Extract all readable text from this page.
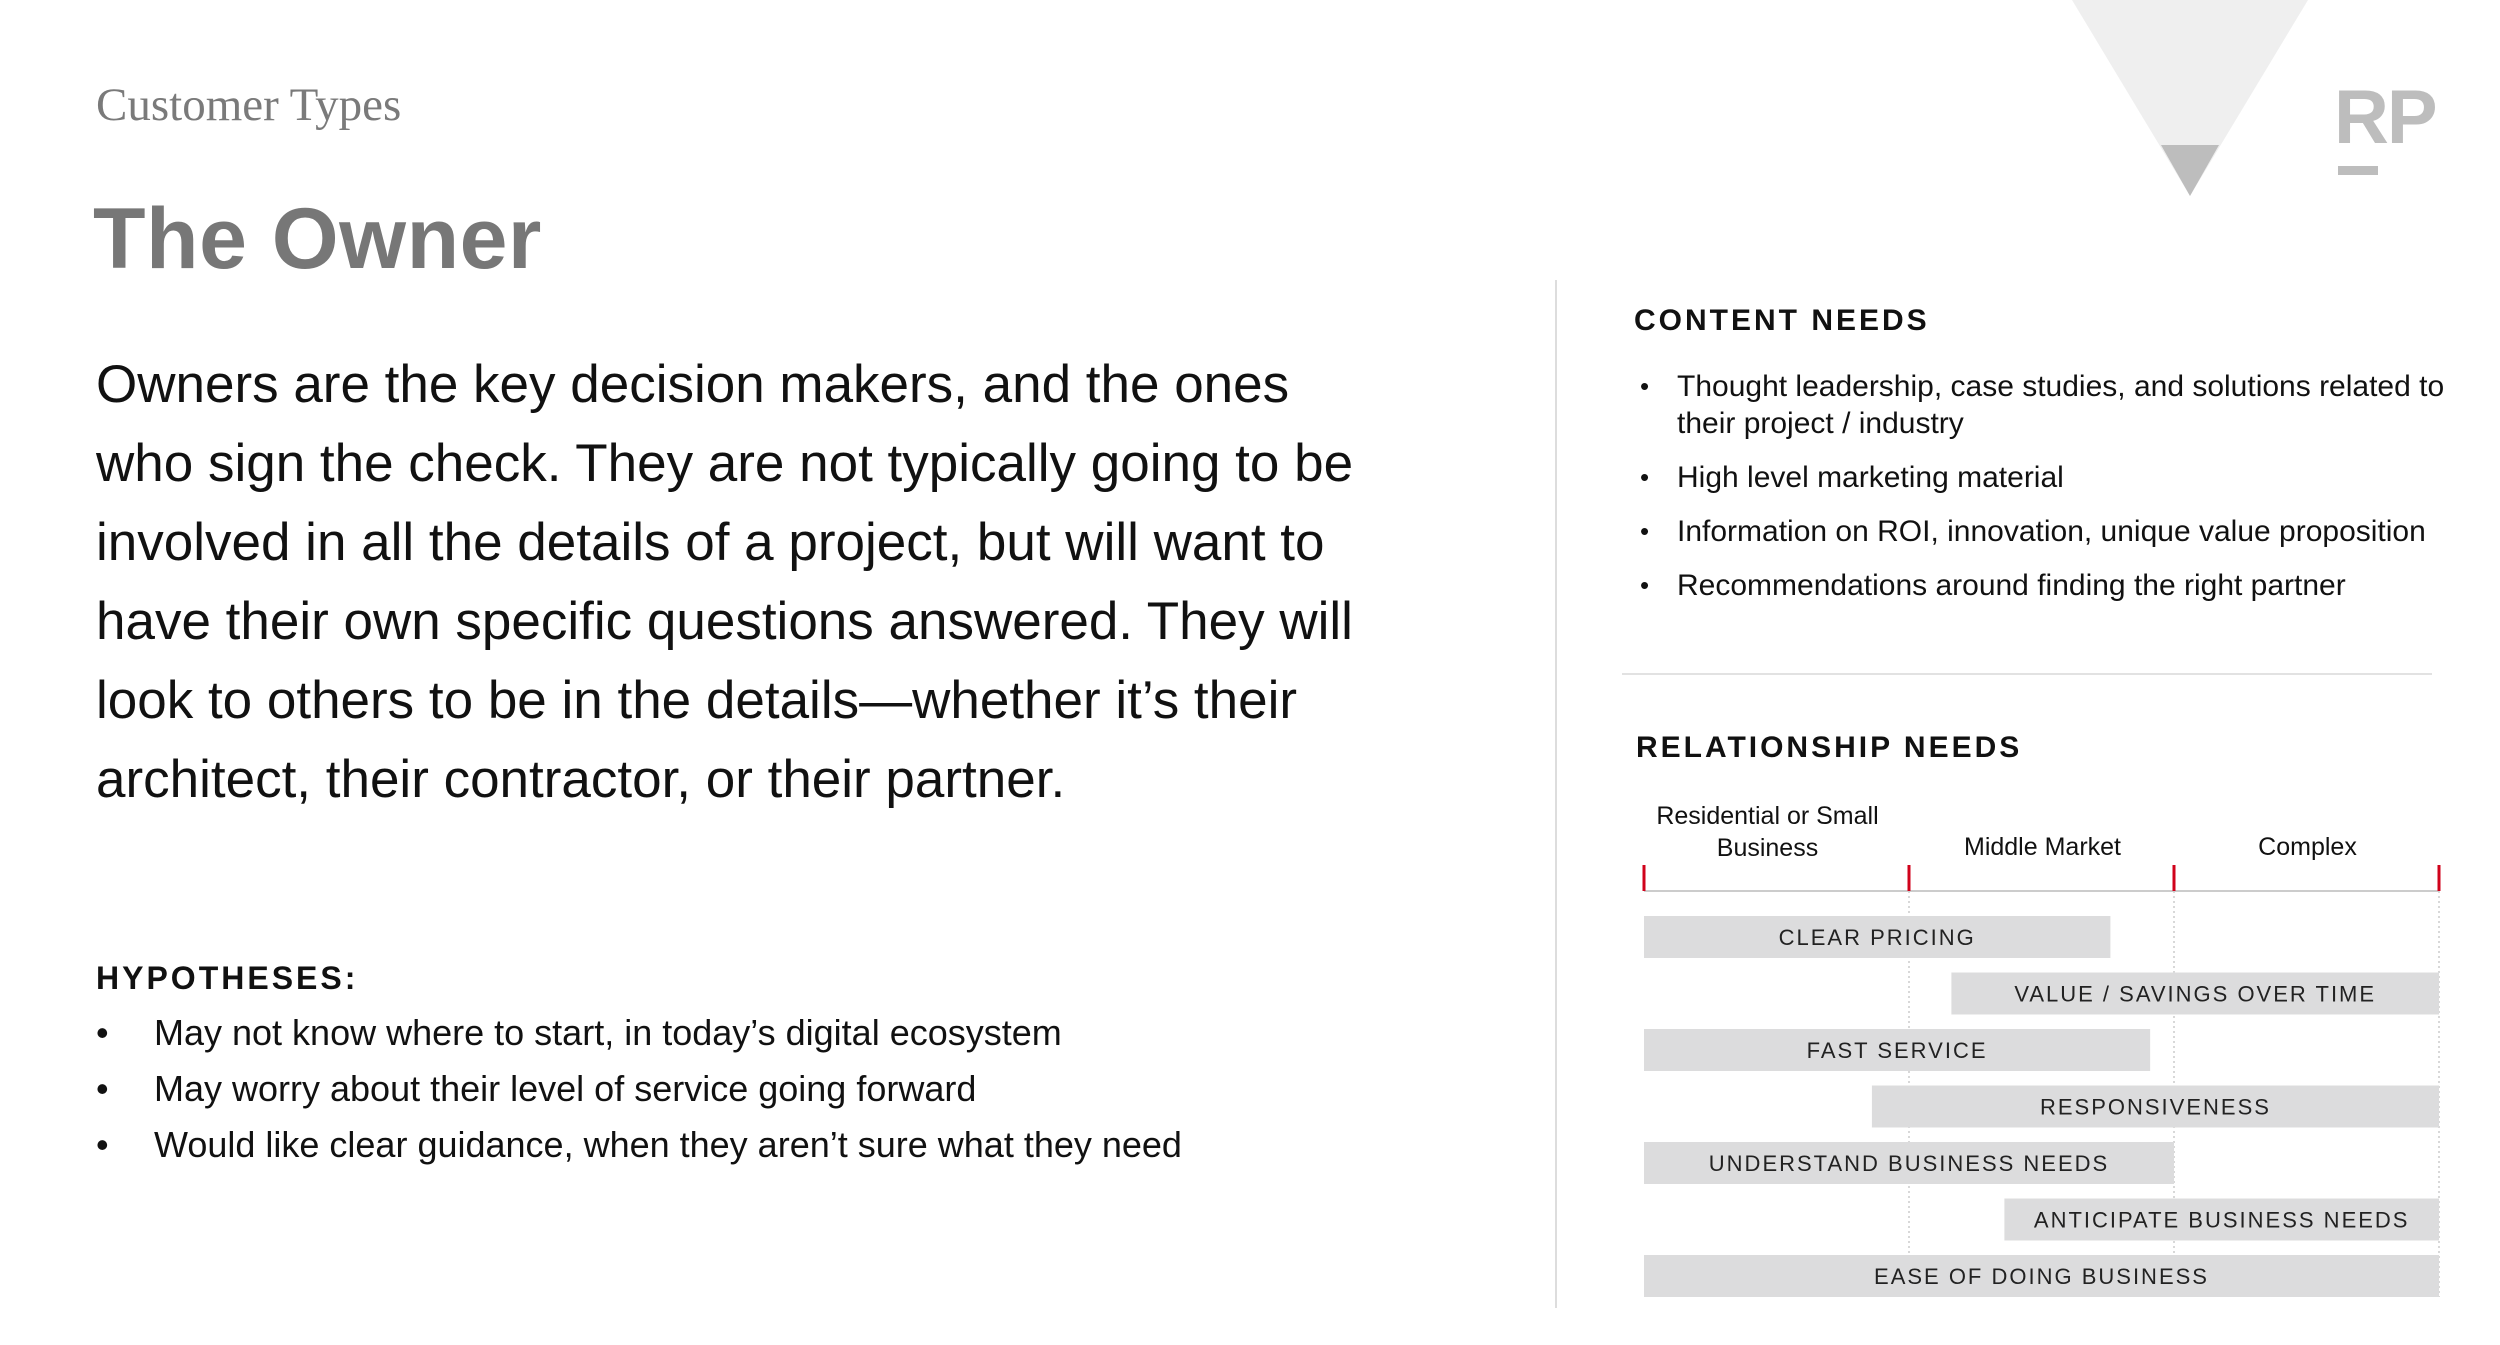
Customer Types
The Owner
RP

Owners are the key decision makers, and the ones who sign the check. They are not typically going to be involved in all the details of a project, but will want to have their own specific questions answered. They will look to others to be in the details—whether it’s their architect, their contractor, or their partner.

HYPOTHESES:
• May not know where to start, in today’s digital ecosystem
• May worry about their level of service going forward
• Would like clear guidance, when they aren’t sure what they need
CONTENT NEEDS
• Thought leadership, case studies, and solutions related to their project / industry
• High level marketing material
• Information on ROI, innovation, unique value proposition
• Recommendations around finding the right partner
RELATIONSHIP NEEDS
Residential or Small Business	Middle Market	Complex
CLEAR PRICING
VALUE / SAVINGS OVER TIME
FAST SERVICE
RESPONSIVENESS
UNDERSTAND BUSINESS NEEDS
ANTICIPATE BUSINESS NEEDS
EASE OF DOING BUSINESS
